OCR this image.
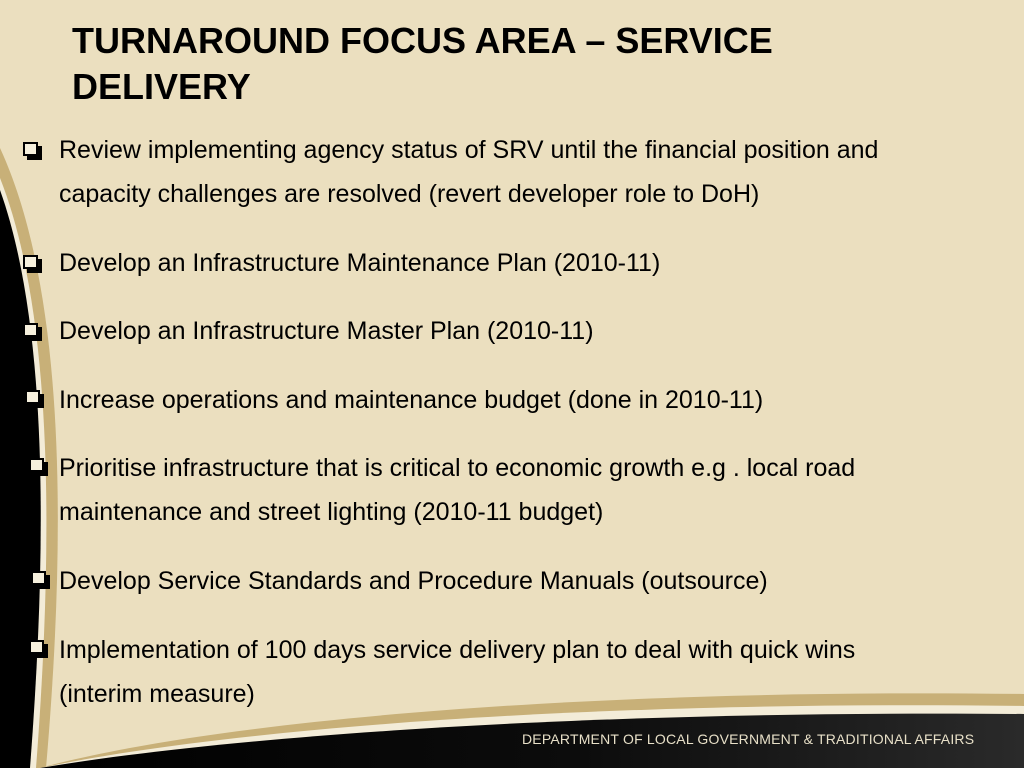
TURNAROUND FOCUS AREA – SERVICE
DELIVERY
Review implementing agency status of SRV until the financial position and
capacity challenges are resolved (revert developer role to DoH)
Develop an Infrastructure Maintenance Plan (2010-11)
Develop an Infrastructure Master Plan (2010-11)
Increase operations and maintenance budget (done in 2010-11)
Prioritise infrastructure that is critical to economic growth e.g . local road
maintenance and street lighting (2010-11 budget)
Develop Service Standards and Procedure Manuals (outsource)
Implementation of 100 days service delivery plan to deal with quick wins
(interim measure)
DEPARTMENT OF LOCAL GOVERNMENT & TRADITIONAL AFFAIRS
